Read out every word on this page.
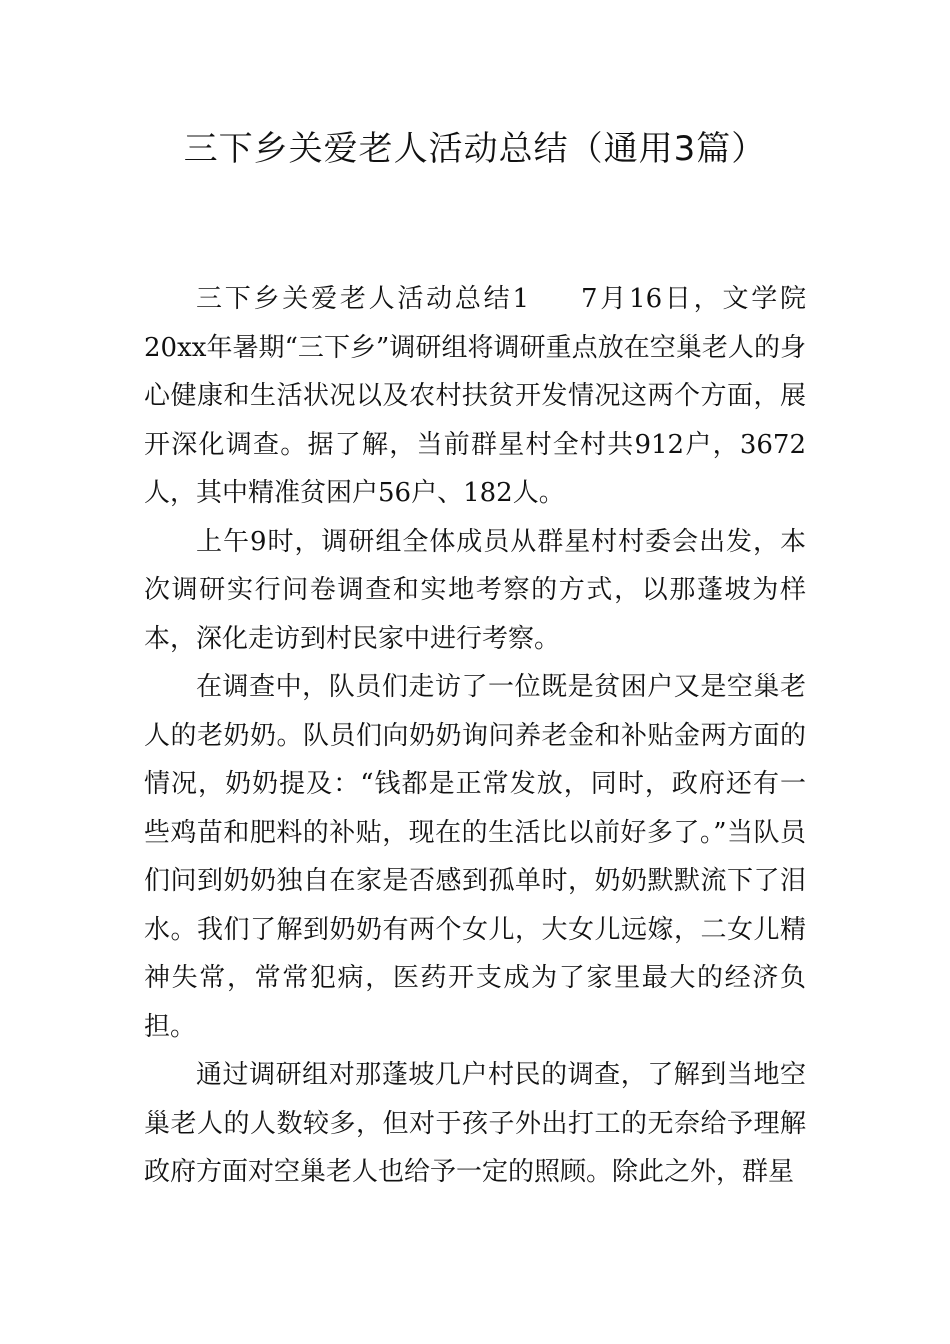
三下乡关爱老人活动总结（通用3篇）

三下乡关爱老人活动总结1 7月16日，文学院20xx年暑期“三下乡”调研组将调研重点放在空巢老人的身心健康和生活状况以及农村扶贫开发情况这两个方面，展开深化调查。据了解，当前群星村全村共912户，3672人，其中精准贫困户56户、182人。

上午9时，调研组全体成员从群星村村委会出发，本次调研实行问卷调查和实地考察的方式，以那蓬坡为样本，深化走访到村民家中进行考察。

在调查中，队员们走访了一位既是贫困户又是空巢老人的老奶奶。队员们向奶奶询问养老金和补贴金两方面的情况，奶奶提及：“钱都是正常发放，同时，政府还有一些鸡苗和肥料的补贴，现在的生活比以前好多了。”当队员们问到奶奶独自在家是否感到孤单时，奶奶默默流下了泪水。我们了解到奶奶有两个女儿，大女儿远嫁，二女儿精神失常，常常犯病，医药开支成为了家里最大的经济负担。

通过调研组对那蓬坡几户村民的调查，了解到当地空巢老人的人数较多，但对于孩子外出打工的无奈给予理解政府方面对空巢老人也给予一定的照顾。除此之外，群星
